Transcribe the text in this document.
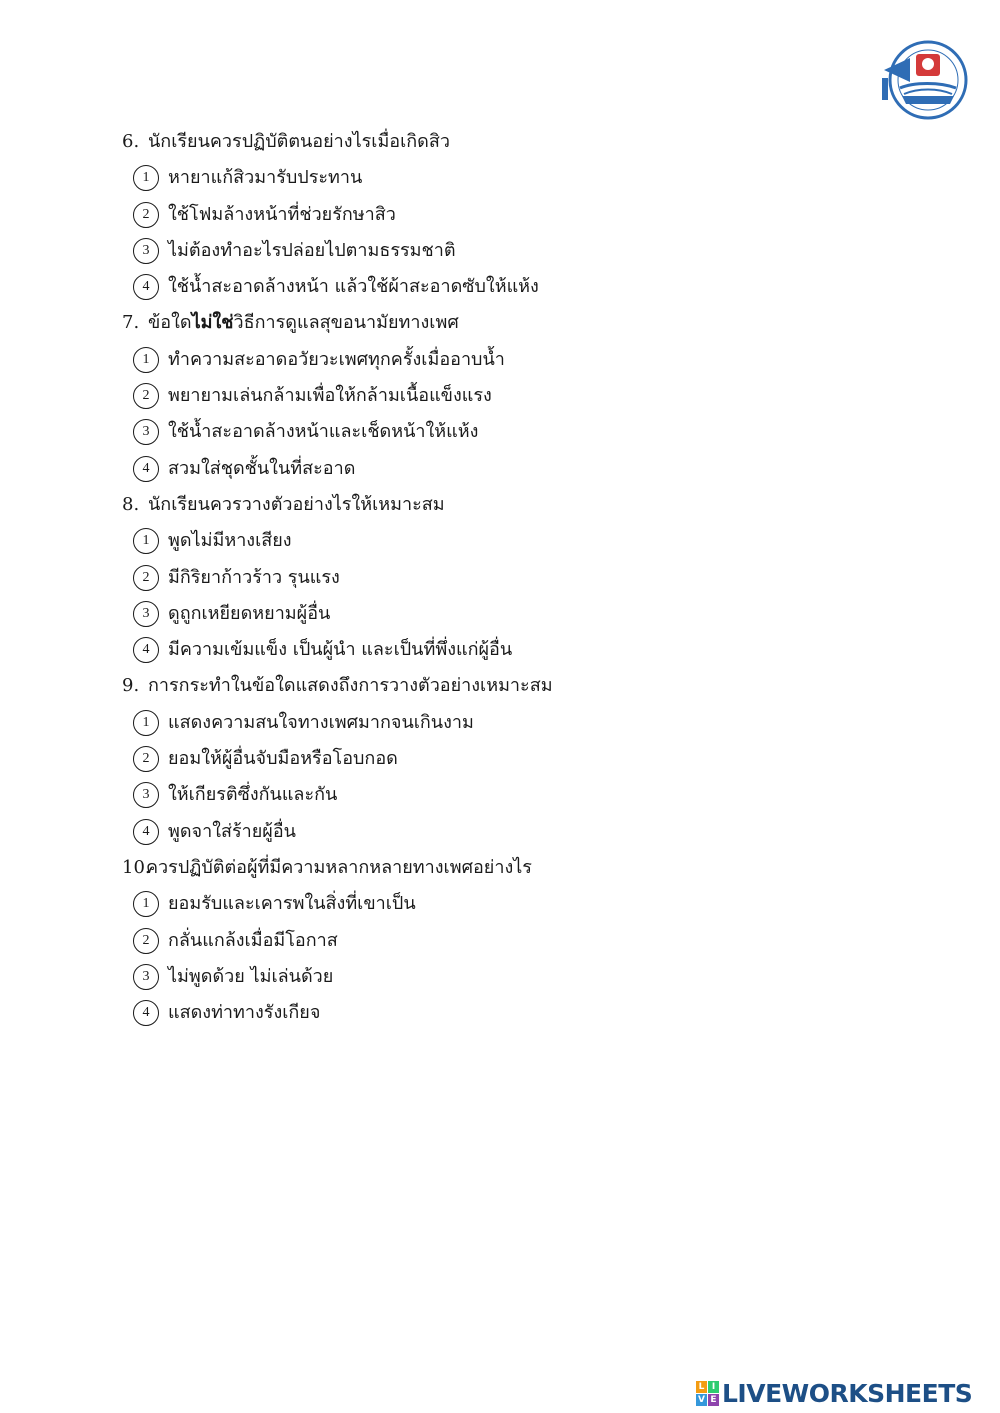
6. นักเรียนควรปฏิบัติตนอย่างไรเมื่อเกิดสิว
1	หายาแก้สิวมารับประทาน
2	ใช้โฟมล้างหน้าที่ช่วยรักษาสิว
3	ไม่ต้องทำอะไรปล่อยไปตามธรรมชาติ
4	ใช้น้ำสะอาดล้างหน้า แล้วใช้ผ้าสะอาดซับให้แห้ง
7. ข้อใดไม่ใช่วิธีการดูแลสุขอนามัยทางเพศ
1	ทำความสะอาดอวัยวะเพศทุกครั้งเมื่ออาบน้ำ
2	พยายามเล่นกล้ามเพื่อให้กล้ามเนื้อแข็งแรง
3	ใช้น้ำสะอาดล้างหน้าและเช็ดหน้าให้แห้ง
4	สวมใส่ชุดชั้นในที่สะอาด
8. นักเรียนควรวางตัวอย่างไรให้เหมาะสม
1	พูดไม่มีหางเสียง
2	มีกิริยาก้าวร้าว รุนแรง
3	ดูถูกเหยียดหยามผู้อื่น
4	มีความเข้มแข็ง เป็นผู้นำ และเป็นที่พึ่งแก่ผู้อื่น
9. การกระทำในข้อใดแสดงถึงการวางตัวอย่างเหมาะสม
1	แสดงความสนใจทางเพศมากจนเกินงาม
2	ยอมให้ผู้อื่นจับมือหรือโอบกอด
3	ให้เกียรติซึ่งกันและกัน
4	พูดจาใส่ร้ายผู้อื่น
10.ควรปฏิบัติต่อผู้ที่มีความหลากหลายทางเพศอย่างไร
1	ยอมรับและเคารพในสิ่งที่เขาเป็น
2	กลั่นแกล้งเมื่อมีโอกาส
3	ไม่พูดด้วย ไม่เล่นด้วย
4	แสดงท่าทางรังเกียจ
L I
V E LIVEWORKSHEETS
